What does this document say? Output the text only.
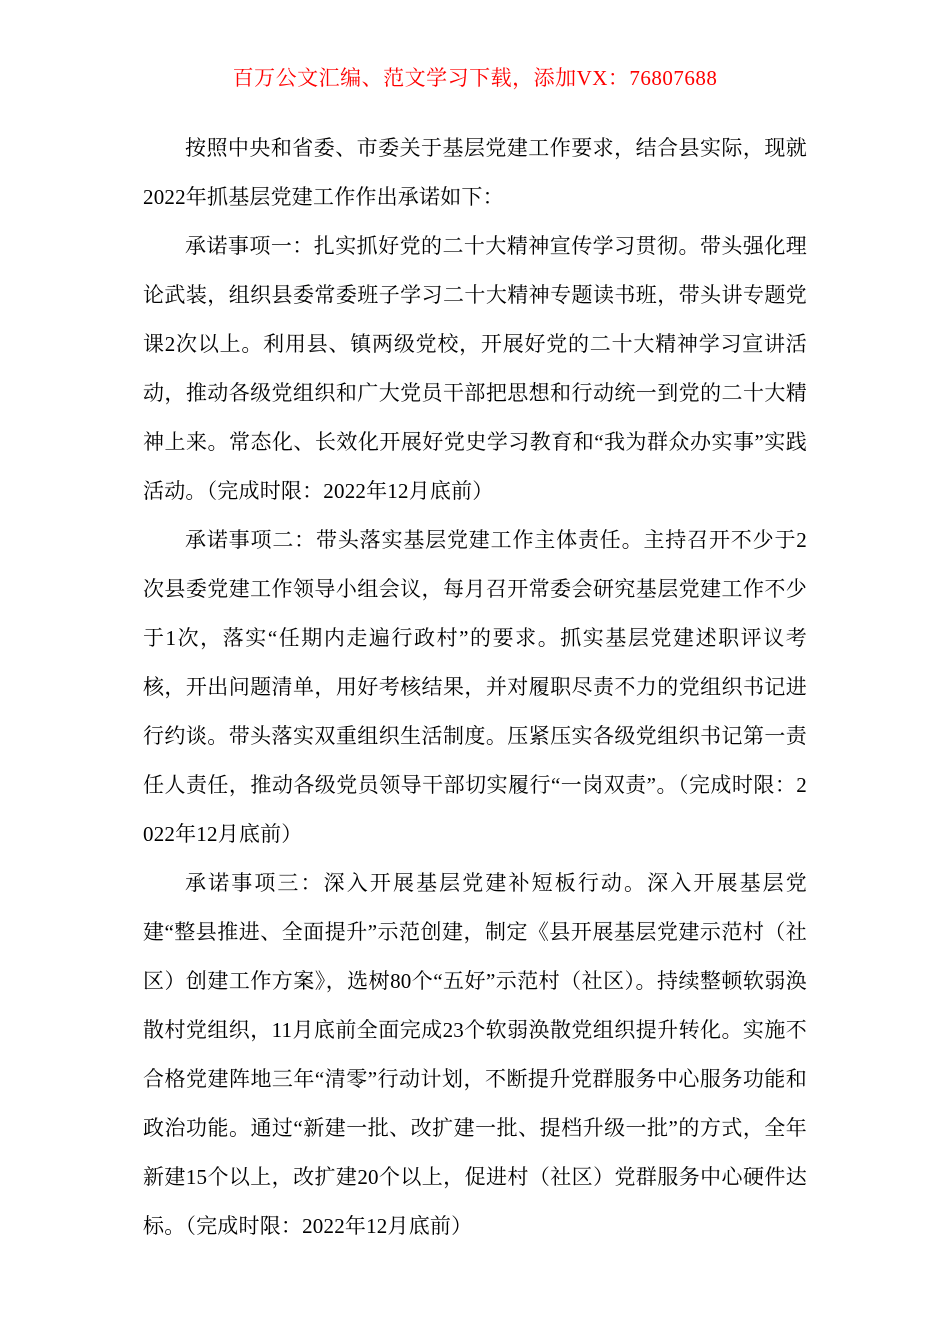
百万公文汇编、范文学习下载，添加VX：76807688

按照中央和省委、市委关于基层党建工作要求，结合县实际，现就2022年抓基层党建工作作出承诺如下：

承诺事项一：扎实抓好党的二十大精神宣传学习贯彻。带头强化理论武装，组织县委常委班子学习二十大精神专题读书班，带头讲专题党课2次以上。利用县、镇两级党校，开展好党的二十大精神学习宣讲活动，推动各级党组织和广大党员干部把思想和行动统一到党的二十大精神上来。常态化、长效化开展好党史学习教育和“我为群众办实事”实践活动。（完成时限：2022年12月底前）

承诺事项二：带头落实基层党建工作主体责任。主持召开不少于2次县委党建工作领导小组会议，每月召开常委会研究基层党建工作不少于1次，落实“任期内走遍行政村”的要求。抓实基层党建述职评议考核，开出问题清单，用好考核结果，并对履职尽责不力的党组织书记进行约谈。带头落实双重组织生活制度。压紧压实各级党组织书记第一责任人责任，推动各级党员领导干部切实履行“一岗双责”。（完成时限：2022年12月底前）

承诺事项三：深入开展基层党建补短板行动。深入开展基层党建“整县推进、全面提升”示范创建，制定《县开展基层党建示范村（社区）创建工作方案》，选树80个“五好”示范村（社区）。持续整顿软弱涣散村党组织，11月底前全面完成23个软弱涣散党组织提升转化。实施不合格党建阵地三年“清零”行动计划，不断提升党群服务中心服务功能和政治功能。通过“新建一批、改扩建一批、提档升级一批”的方式，全年新建15个以上，改扩建20个以上，促进村（社区）党群服务中心硬件达标。（完成时限：2022年12月底前）
